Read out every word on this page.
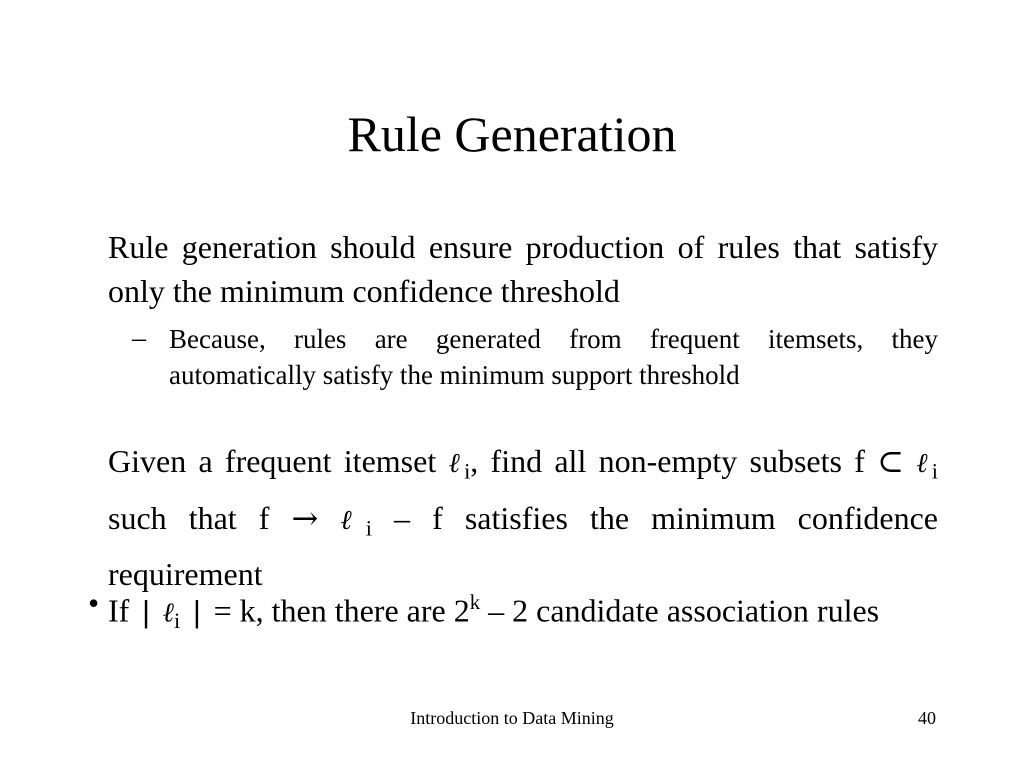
Rule Generation
Rule generation should ensure production of rules that satisfy only the minimum confidence threshold
– Because, rules are generated from frequent itemsets, they automatically satisfy the minimum support threshold
Given a frequent itemset ℓ$_i$, find all non-empty subsets f ⊂ ℓ$_i$ such that f → ℓ$_i$ – f satisfies the minimum confidence requirement
• If | ℓ$_i$ | = k, then there are 2$^k$ – 2 candidate association rules
Introduction to Data Mining	40
